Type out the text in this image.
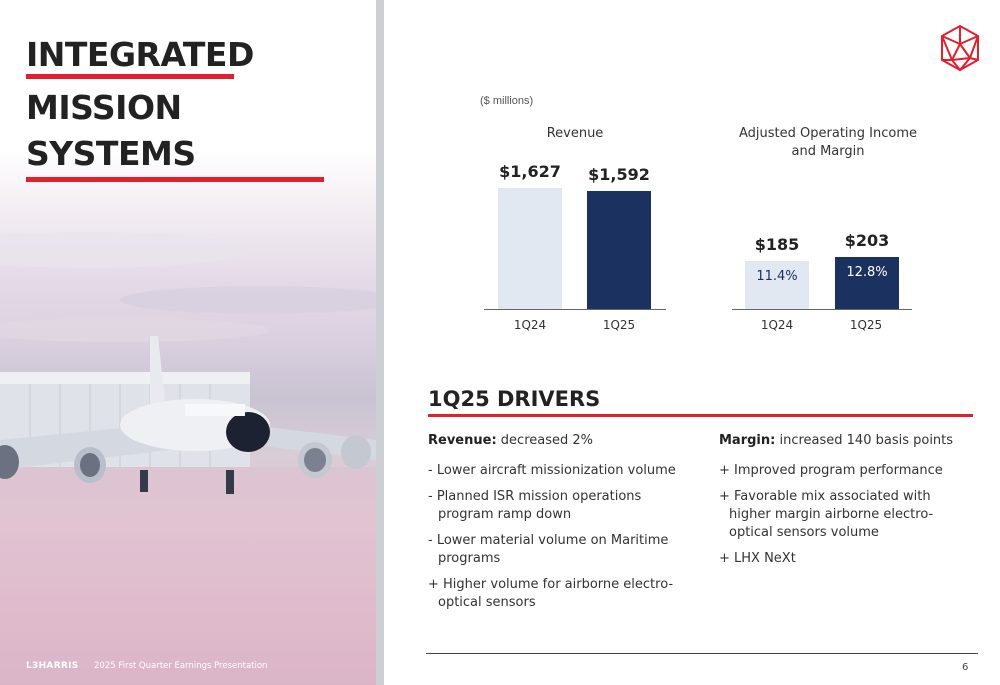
INTEGRATED
MISSION SYSTEMS
L3HARRIS 2025 First Quarter Earnings Presentation
($ millions)
Revenue
$1,627	$1,592
1Q24	1Q25
Adjusted Operating Income
and Margin
$185	$203
11.4%	12.8%
1Q24	1Q25
1Q25 DRIVERS

Revenue: decreased 2%

- Lower aircraft missionization volume
- Planned ISR mission operations program ramp down
- Lower material volume on Maritime programs
+ Higher volume for airborne electro-optical sensors

Margin: increased 140 basis points

+ Improved program performance
+ Favorable mix associated with higher margin airborne electro-optical sensors volume
+ LHX NeXt
6
